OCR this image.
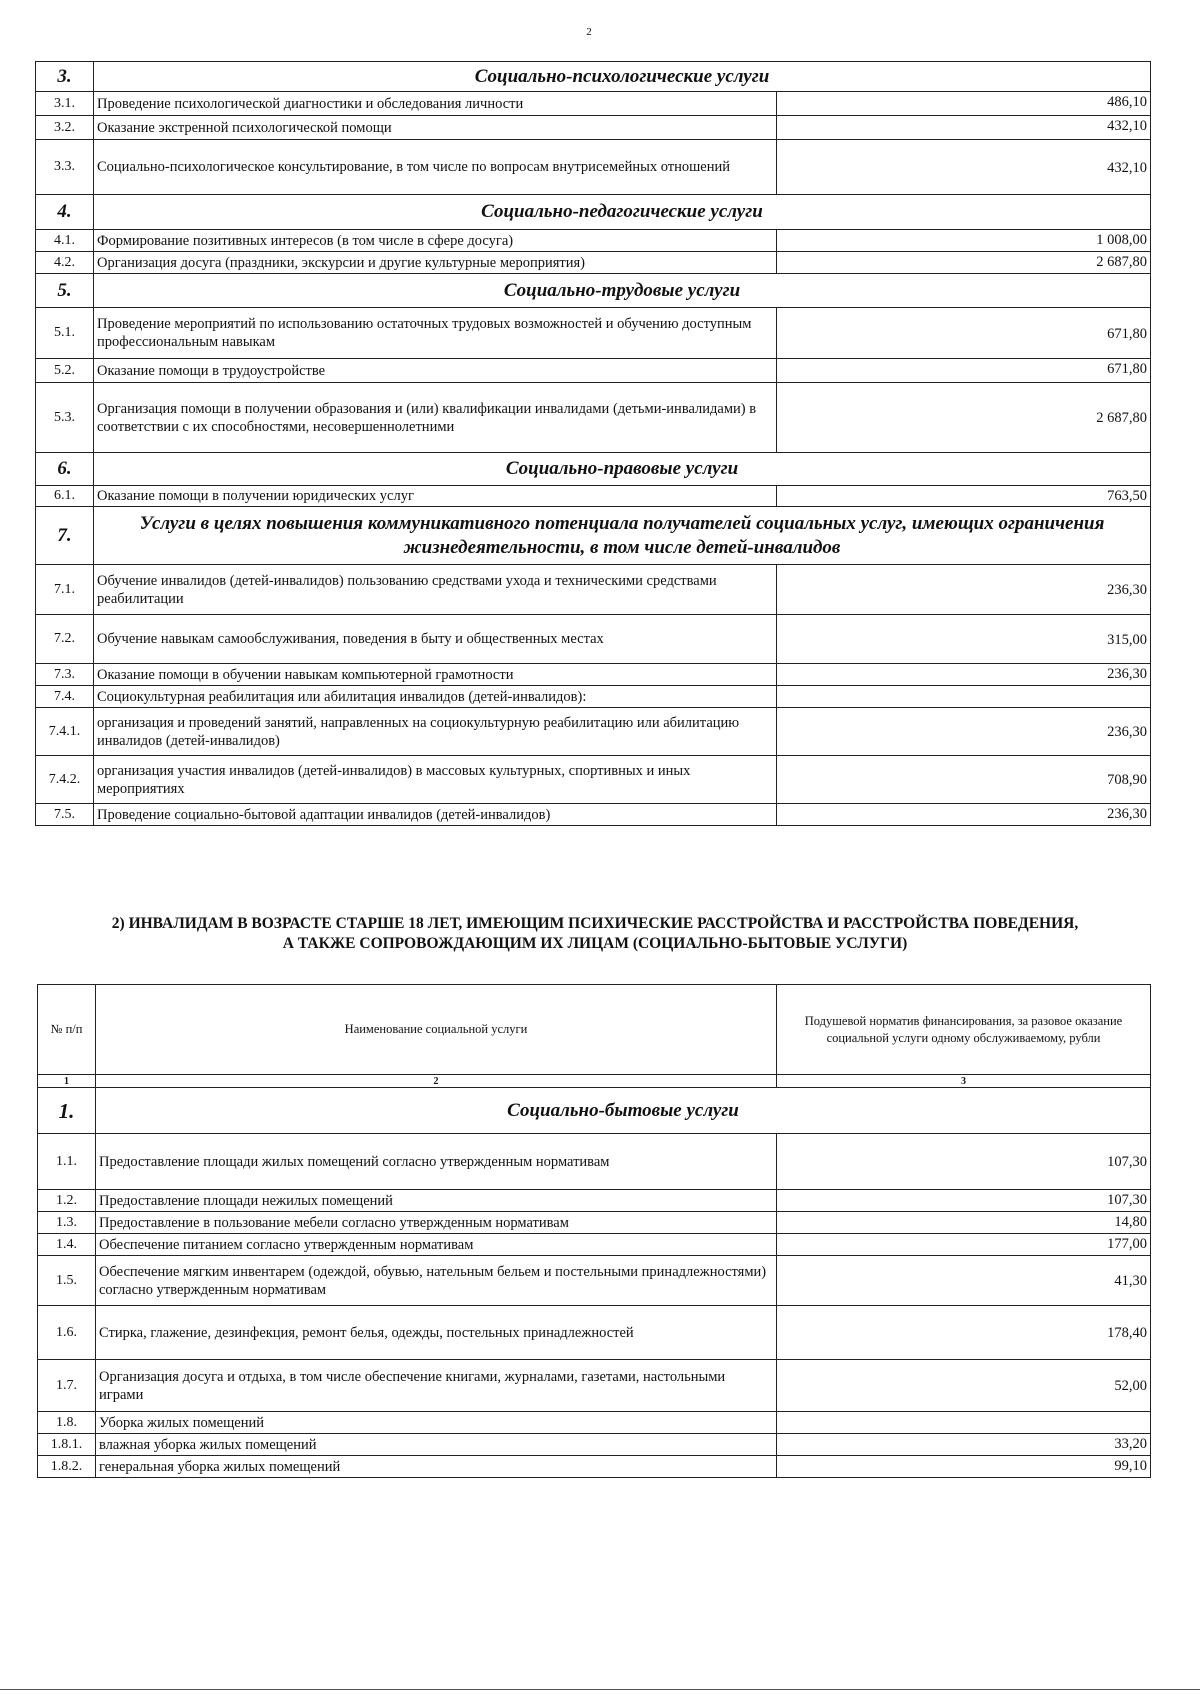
2
3.	Социально-психологические услуги	
3.1.	Проведение психологической диагностики и обследования личности	486,10
3.2.	Оказание экстренной психологической помощи	432,10
3.3.	Социально-психологическое консультирование, в том числе по вопросам внутрисемейных отношений	432,10
4.	Социально-педагогические услуги	
4.1.	Формирование позитивных интересов (в том числе в сфере досуга)	1 008,00
4.2.	Организация досуга (праздники, экскурсии и другие культурные мероприятия)	2 687,80
5.	Социально-трудовые услуги	
5.1.	Проведение мероприятий по использованию остаточных трудовых возможностей и обучению доступным профессиональным навыкам	671,80
5.2.	Оказание помощи в трудоустройстве	671,80
5.3.	Организация помощи в получении образования и (или) квалификации инвалидами (детьми-инвалидами) в соответствии с их способностями, несовершеннолетними	2 687,80
6.	Социально-правовые услуги	
6.1.	Оказание помощи в получении юридических услуг	763,50
7.	Услуги в целях повышения коммуникативного потенциала получателей социальных услуг, имеющих ограничения жизнедеятельности, в том числе детей-инвалидов	
7.1.	Обучение инвалидов (детей-инвалидов) пользованию средствами ухода и техническими средствами реабилитации	236,30
7.2.	Обучение навыкам самообслуживания, поведения в быту и общественных местах	315,00
7.3.	Оказание помощи в обучении навыкам компьютерной грамотности	236,30
7.4.	Социокультурная реабилитация или абилитация инвалидов (детей-инвалидов):	
7.4.1.	организация и проведений занятий, направленных на социокультурную реабилитацию или абилитацию инвалидов (детей-инвалидов)	236,30
7.4.2.	организация участия инвалидов (детей-инвалидов) в массовых культурных, спортивных и иных мероприятиях	708,90
7.5.	Проведение социально-бытовой адаптации инвалидов (детей-инвалидов)	236,30
2) ИНВАЛИДАМ В ВОЗРАСТЕ СТАРШЕ 18 ЛЕТ, ИМЕЮЩИМ ПСИХИЧЕСКИЕ РАССТРОЙСТВА И РАССТРОЙСТВА ПОВЕДЕНИЯ,
А ТАКЖЕ СОПРОВОЖДАЮЩИМ ИХ ЛИЦАМ (СОЦИАЛЬНО-БЫТОВЫЕ УСЛУГИ)
№ п/п	Наименование социальной услуги	Подушевой норматив финансирования, за разовое оказание социальной услуги одному обслуживаемому, рубли
1	2	3
1.	Социально-бытовые услуги	
1.1.	Предоставление площади жилых помещений согласно утвержденным нормативам	107,30
1.2.	Предоставление площади нежилых помещений	107,30
1.3.	Предоставление в пользование мебели согласно утвержденным нормативам	14,80
1.4.	Обеспечение питанием согласно утвержденным нормативам	177,00
1.5.	Обеспечение мягким инвентарем (одеждой, обувью, нательным бельем и постельными принадлежностями) согласно утвержденным нормативам	41,30
1.6.	Стирка, глажение, дезинфекция, ремонт белья, одежды, постельных принадлежностей	178,40
1.7.	Организация досуга и отдыха, в том числе обеспечение книгами, журналами, газетами, настольными играми	52,00
1.8.	Уборка жилых помещений	
1.8.1.	влажная уборка жилых помещений	33,20
1.8.2.	генеральная уборка жилых помещений	99,10
